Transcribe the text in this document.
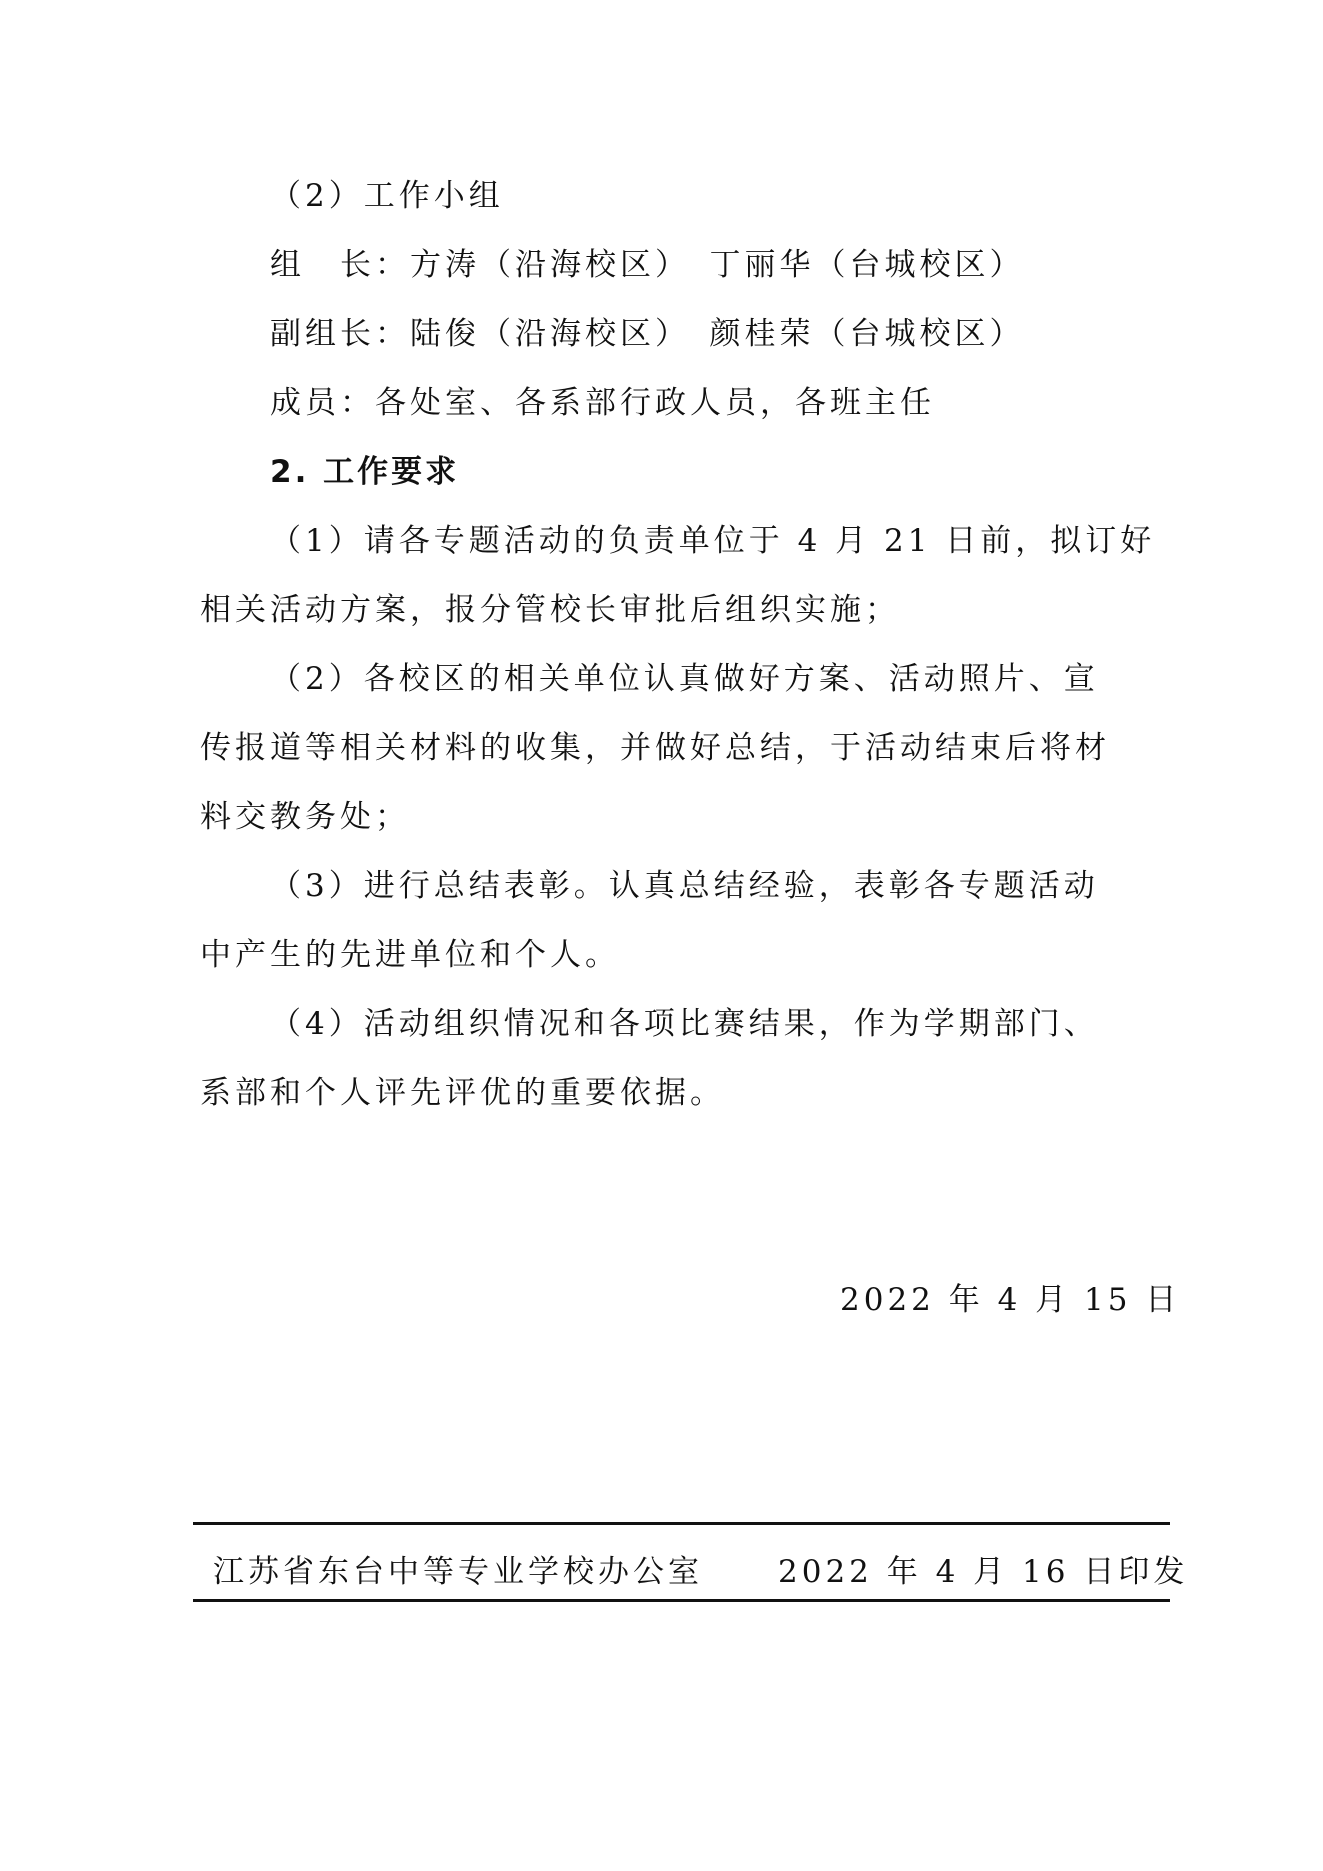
（2）工作小组
组　长：方涛（沿海校区）　丁丽华（台城校区）
副组长：陆俊（沿海校区）　颜桂荣（台城校区）
成员：各处室、各系部行政人员，各班主任
2. 工作要求
（1）请各专题活动的负责单位于 4 月 21 日前，拟订好
相关活动方案，报分管校长审批后组织实施；
（2）各校区的相关单位认真做好方案、活动照片、宣
传报道等相关材料的收集，并做好总结，于活动结束后将材
料交教务处；
（3）进行总结表彰。认真总结经验，表彰各专题活动
中产生的先进单位和个人。
（4）活动组织情况和各项比赛结果，作为学期部门、
系部和个人评先评优的重要依据。
2022 年 4 月 15 日
江苏省东台中等专业学校办公室 2022 年 4 月 16 日印发
